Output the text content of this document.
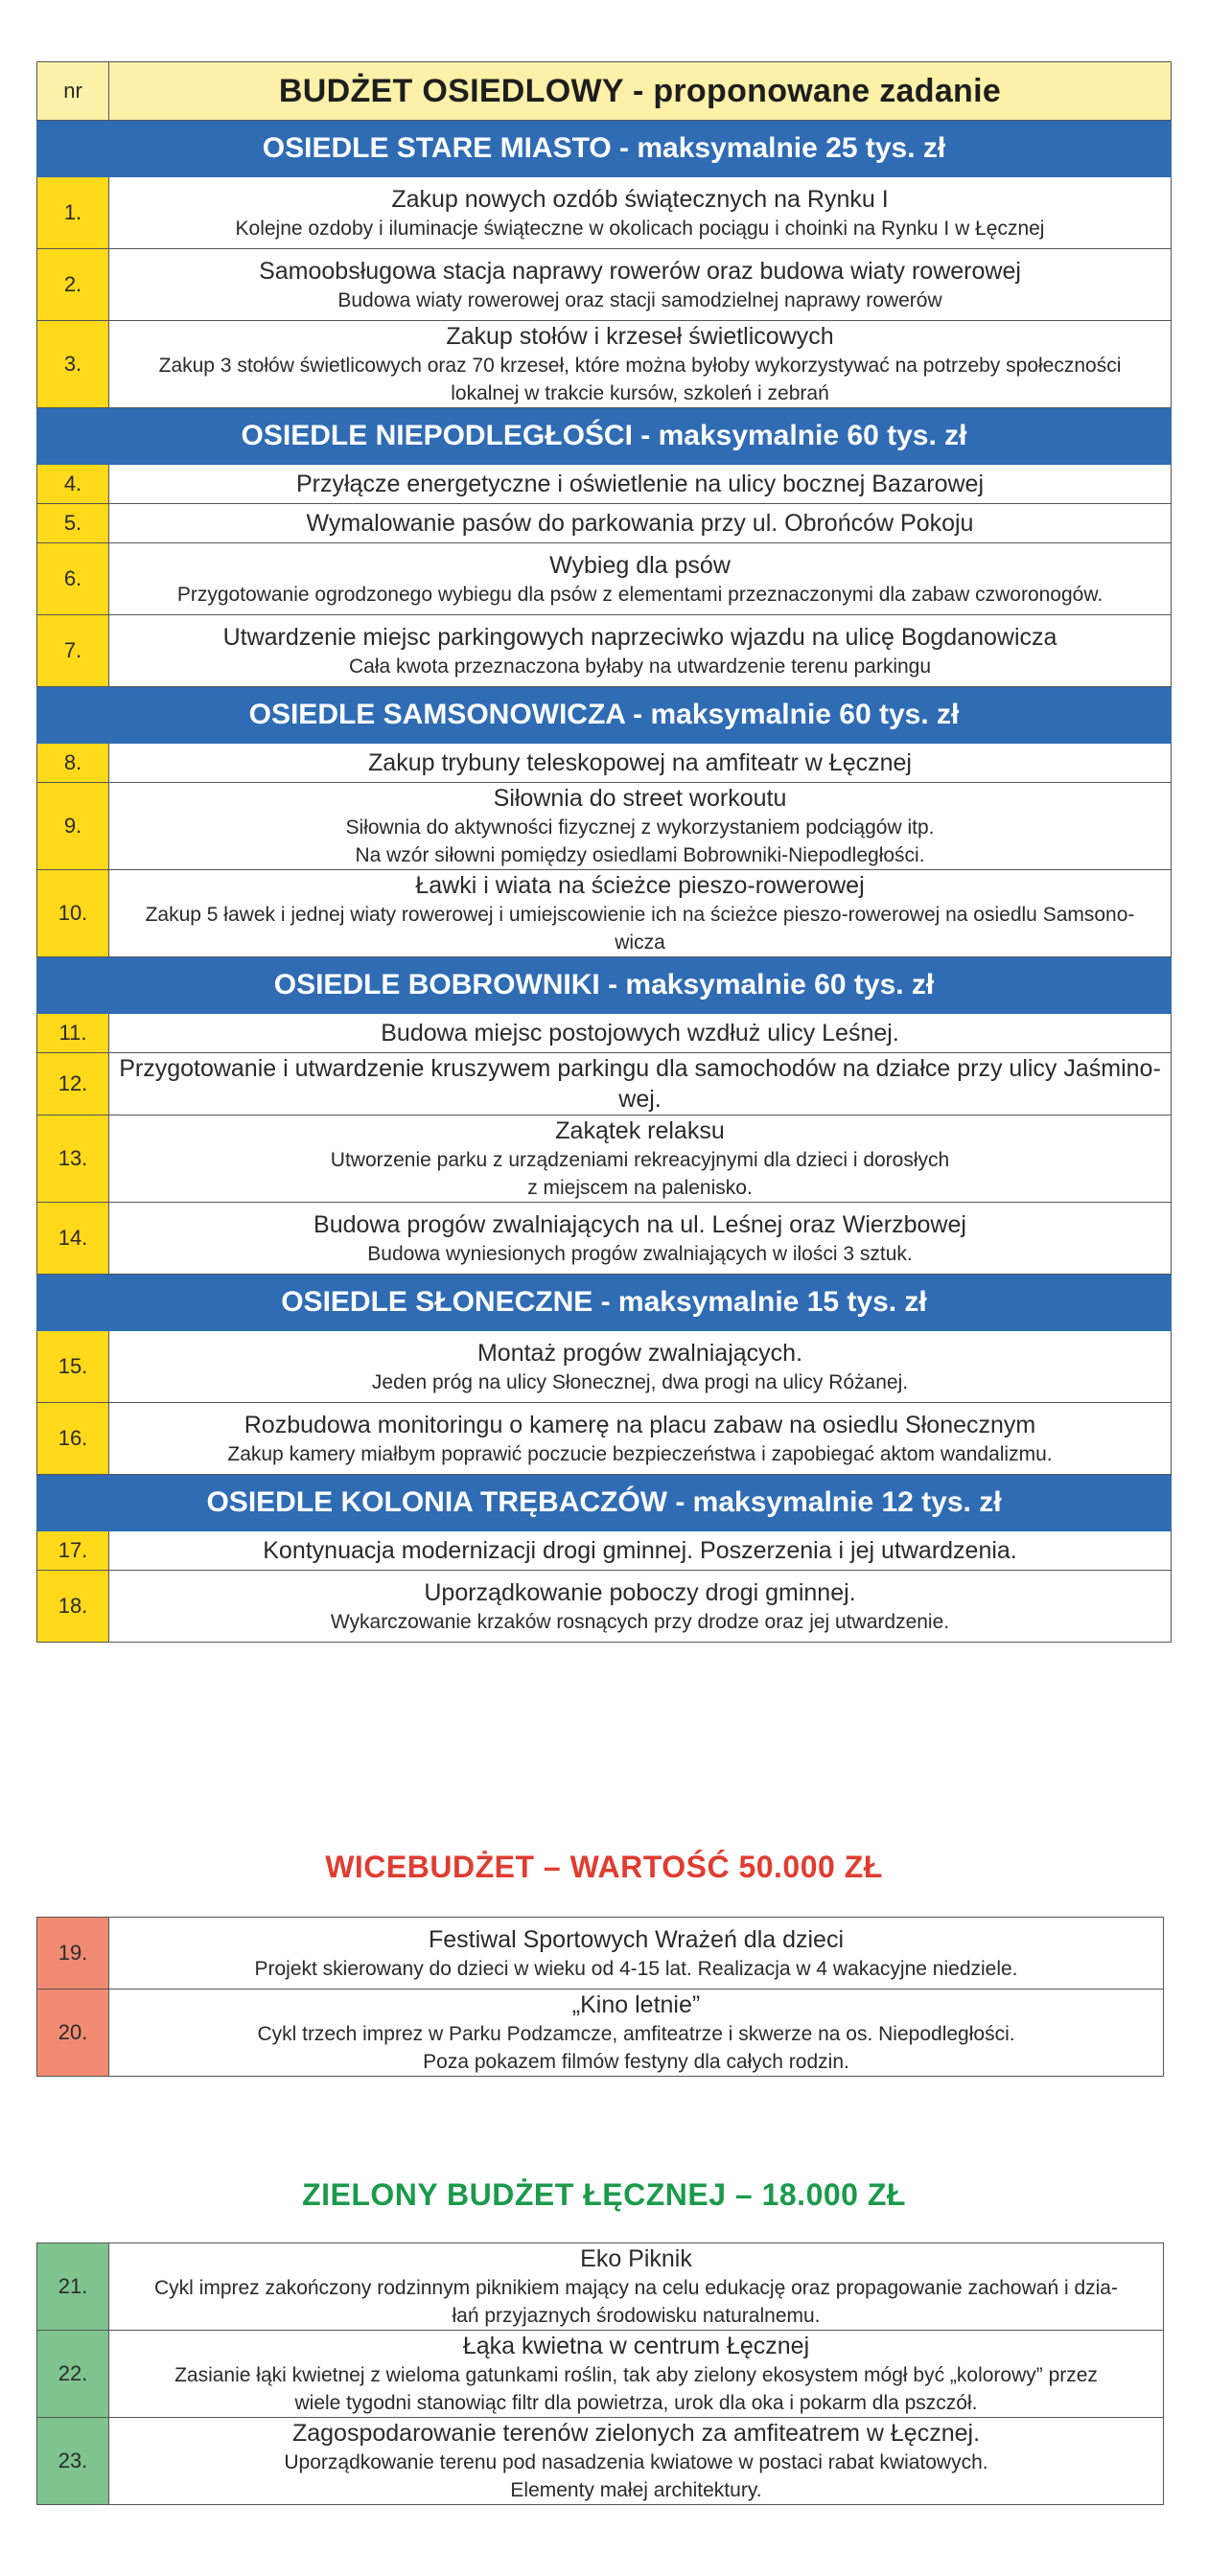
nr	BUDŻET OSIEDLOWY - proponowane zadanie
OSIEDLE STARE MIASTO - maksymalnie 25 tys. zł	
1.	Zakup nowych ozdób świątecznych na Rynku I
Kolejne ozdoby i iluminacje świąteczne w okolicach pociągu i choinki na Rynku I w Łęcznej

2.	Samoobsługowa stacja naprawy rowerów oraz budowa wiaty rowerowej
Budowa wiaty rowerowej oraz stacji samodzielnej naprawy rowerów

3.	Zakup stołów i krzeseł świetlicowych
Zakup 3 stołów świetlicowych oraz 70 krzeseł, które można byłoby wykorzystywać na potrzeby społeczności
lokalnej w trakcie kursów, szkoleń i zebrań

OSIEDLE NIEPODLEGŁOŚCI - maksymalnie 60 tys. zł	
4.	Przyłącze energetyczne i oświetlenie na ulicy bocznej Bazarowej

5.	Wymalowanie pasów do parkowania przy ul. Obrońców Pokoju

6.	Wybieg dla psów
Przygotowanie ogrodzonego wybiegu dla psów z elementami przeznaczonymi dla zabaw czworonogów.

7.	Utwardzenie miejsc parkingowych naprzeciwko wjazdu na ulicę Bogdanowicza
Cała kwota przeznaczona byłaby na utwardzenie terenu parkingu

OSIEDLE SAMSONOWICZA - maksymalnie 60 tys. zł	
8.	Zakup trybuny teleskopowej na amfiteatr w Łęcznej

9.	Siłownia do street workoutu
Siłownia do aktywności fizycznej z wykorzystaniem podciągów itp.
Na wzór siłowni pomiędzy osiedlami Bobrowniki-Niepodległości.

10.	Ławki i wiata na ścieżce pieszo-rowerowej
Zakup 5 ławek i jednej wiaty rowerowej i umiejscowienie ich na ścieżce pieszo-rowerowej na osiedlu Samsono-
wicza

OSIEDLE BOBROWNIKI - maksymalnie 60 tys. zł	
11.	Budowa miejsc postojowych wzdłuż ulicy Leśnej.

12.	Przygotowanie i utwardzenie kruszywem parkingu dla samochodów na działce przy ulicy Jaśmino- wej.

13.	Zakątek relaksu
Utworzenie parku z urządzeniami rekreacyjnymi dla dzieci i dorosłych
z miejscem na palenisko.

14.	Budowa progów zwalniających na ul. Leśnej oraz Wierzbowej
Budowa wyniesionych progów zwalniających w ilości 3 sztuk.

OSIEDLE SŁONECZNE - maksymalnie 15 tys. zł	
15.	Montaż progów zwalniających.
Jeden próg na ulicy Słonecznej, dwa progi na ulicy Różanej.

16.	Rozbudowa monitoringu o kamerę na placu zabaw na osiedlu Słonecznym
Zakup kamery miałbym poprawić poczucie bezpieczeństwa i zapobiegać aktom wandalizmu.

OSIEDLE KOLONIA TRĘBACZÓW - maksymalnie 12 tys. zł	
17.	Kontynuacja modernizacji drogi gminnej. Poszerzenia i jej utwardzenia.

18.	Uporządkowanie poboczy drogi gminnej.
Wykarczowanie krzaków rosnących przy drodze oraz jej utwardzenie.
WICEBUDŻET – WARTOŚĆ 50.000 ZŁ
19.	Festiwal Sportowych Wrażeń dla dzieci
Projekt skierowany do dzieci w wieku od 4-15 lat. Realizacja w 4 wakacyjne niedziele.

20.	„Kino letnie”
Cykl trzech imprez w Parku Podzamcze, amfiteatrze i skwerze na os. Niepodległości.
Poza pokazem filmów festyny dla całych rodzin.
ZIELONY BUDŻET ŁĘCZNEJ – 18.000 ZŁ
21.	Eko Piknik
Cykl imprez zakończony rodzinnym piknikiem mający na celu edukację oraz propagowanie zachowań i dzia-
łań przyjaznych środowisku naturalnemu.

22.	Łąka kwietna w centrum Łęcznej
Zasianie łąki kwietnej z wieloma gatunkami roślin, tak aby zielony ekosystem mógł być „kolorowy” przez
wiele tygodni stanowiąc filtr dla powietrza, urok dla oka i pokarm dla pszczół.

23.	Zagospodarowanie terenów zielonych za amfiteatrem w Łęcznej.
Uporządkowanie terenu pod nasadzenia kwiatowe w postaci rabat kwiatowych.
Elementy małej architektury.
